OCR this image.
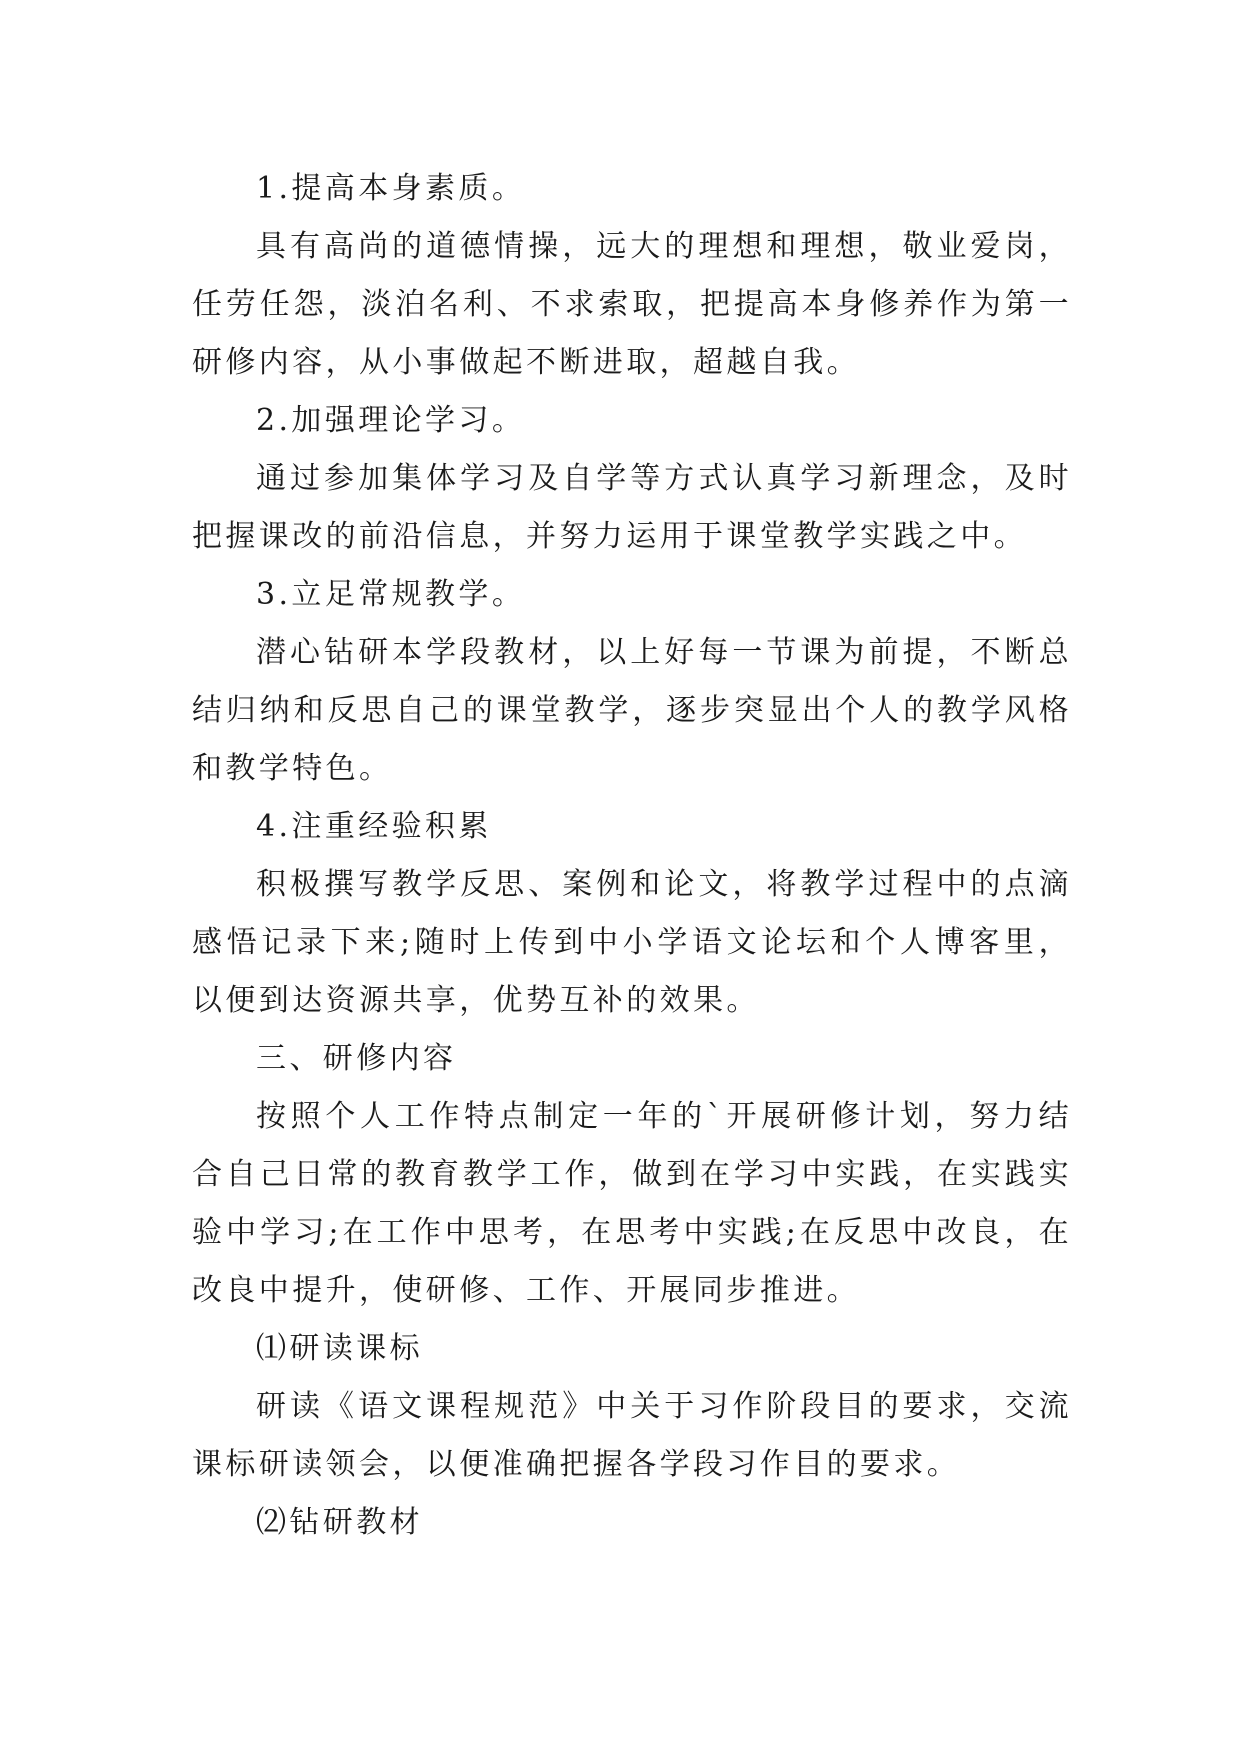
1.提高本身素质。

具有高尚的道德情操，远大的理想和理想，敬业爱岗，任劳任怨，淡泊名利、不求索取，把提高本身修养作为第一研修内容，从小事做起不断进取，超越自我。

2.加强理论学习。

通过参加集体学习及自学等方式认真学习新理念，及时把握课改的前沿信息，并努力运用于课堂教学实践之中。

3.立足常规教学。

潜心钻研本学段教材，以上好每一节课为前提，不断总结归纳和反思自己的课堂教学，逐步突显出个人的教学风格和教学特色。

4.注重经验积累

积极撰写教学反思、案例和论文，将教学过程中的点滴感悟记录下来;随时上传到中小学语文论坛和个人博客里，以便到达资源共享，优势互补的效果。

三、研修内容

按照个人工作特点制定一年的`开展研修计划，努力结合自己日常的教育教学工作，做到在学习中实践，在实践实验中学习;在工作中思考，在思考中实践;在反思中改良，在改良中提升，使研修、工作、开展同步推进。

⑴研读课标

研读《语文课程规范》中关于习作阶段目的要求，交流课标研读领会，以便准确把握各学段习作目的要求。

⑵钻研教材
